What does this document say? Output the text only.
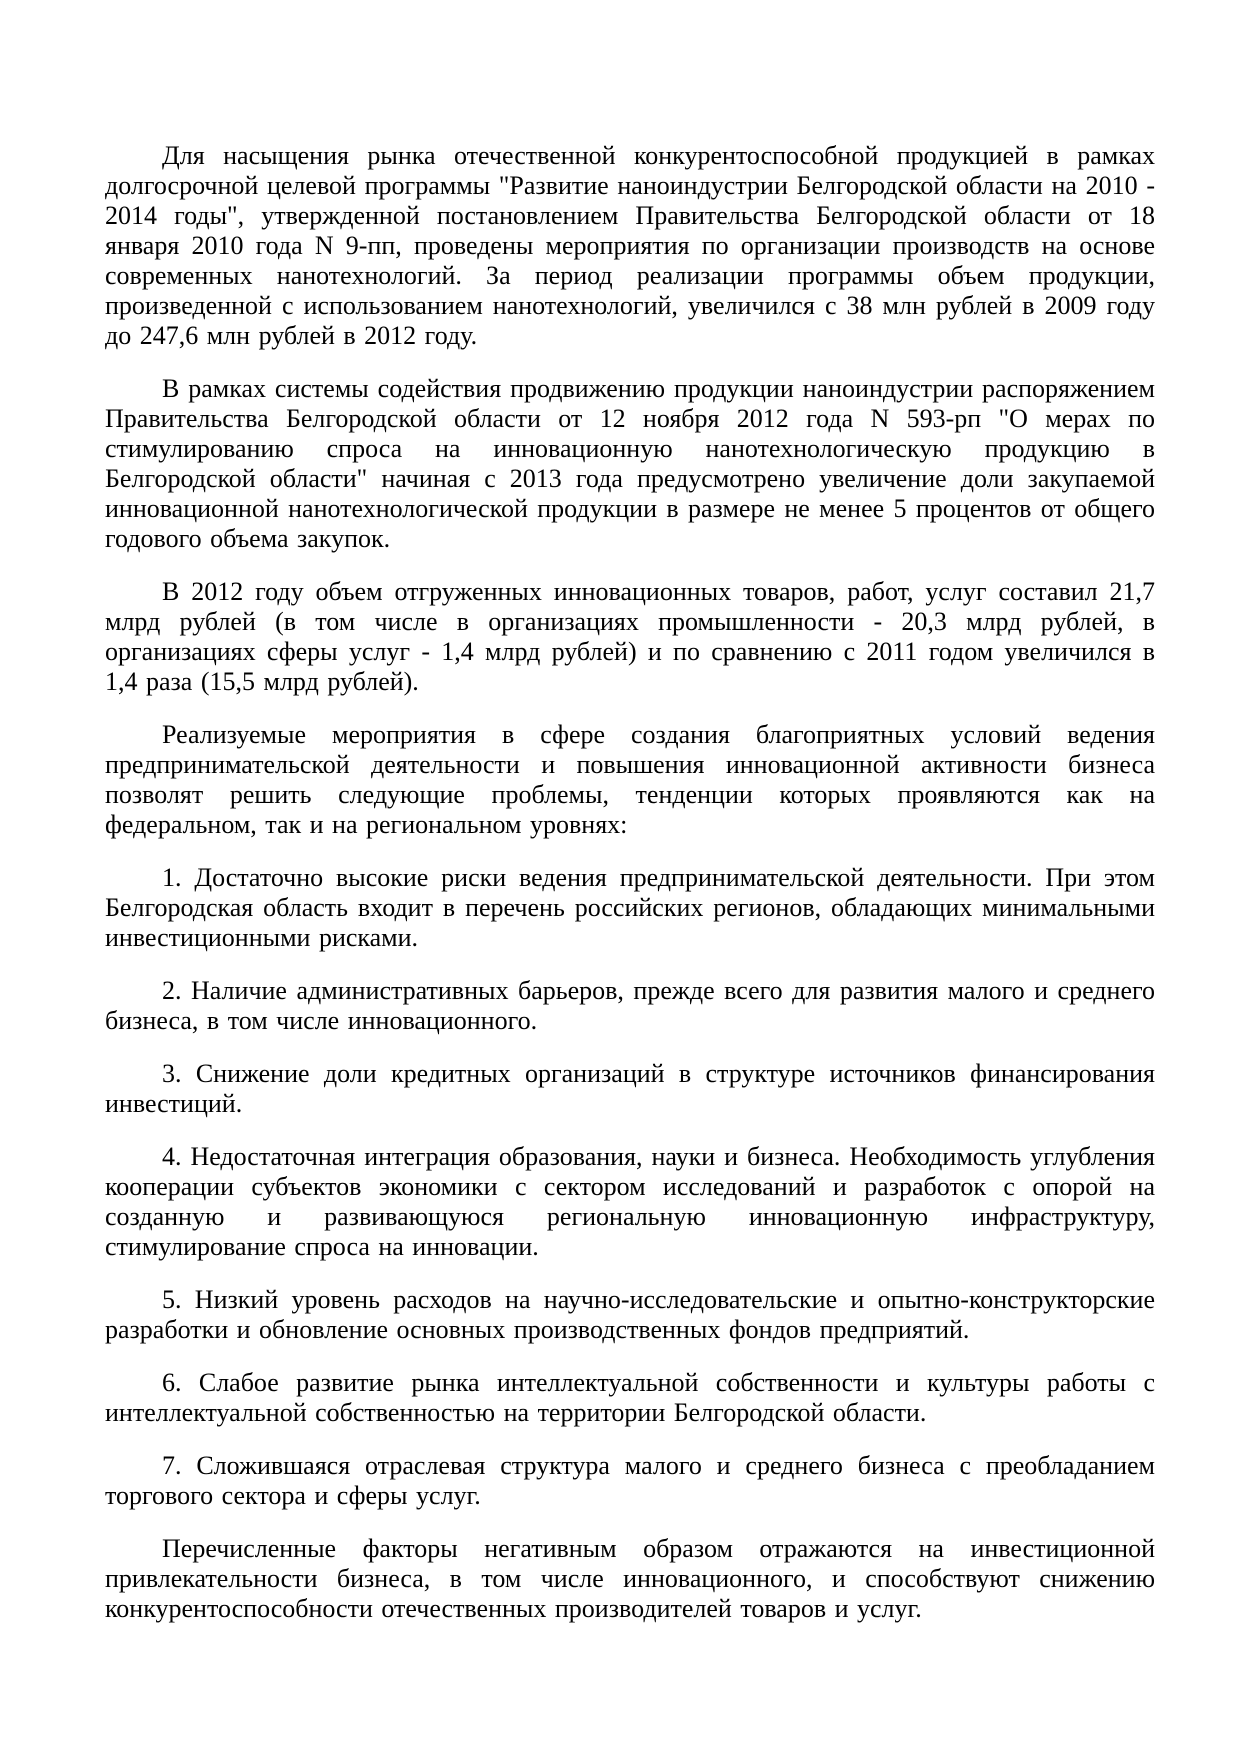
Для насыщения рынка отечественной конкурентоспособной продукцией в рамках долгосрочной целевой программы "Развитие наноиндустрии Белгородской области на 2010 - 2014 годы", утвержденной постановлением Правительства Белгородской области от 18 января 2010 года N 9-пп, проведены мероприятия по организации производств на основе современных нанотехнологий. За период реализации программы объем продукции, произведенной с использованием нанотехнологий, увеличился с 38 млн рублей в 2009 году до 247,6 млн рублей в 2012 году.

В рамках системы содействия продвижению продукции наноиндустрии распоряжением Правительства Белгородской области от 12 ноября 2012 года N 593-рп "О мерах по стимулированию спроса на инновационную нанотехнологическую продукцию в Белгородской области" начиная с 2013 года предусмотрено увеличение доли закупаемой инновационной нанотехнологической продукции в размере не менее 5 процентов от общего годового объема закупок.

В 2012 году объем отгруженных инновационных товаров, работ, услуг составил 21,7 млрд рублей (в том числе в организациях промышленности - 20,3 млрд рублей, в организациях сферы услуг - 1,4 млрд рублей) и по сравнению с 2011 годом увеличился в 1,4 раза (15,5 млрд рублей).

Реализуемые мероприятия в сфере создания благоприятных условий ведения предпринимательской деятельности и повышения инновационной активности бизнеса позволят решить следующие проблемы, тенденции которых проявляются как на федеральном, так и на региональном уровнях:

1. Достаточно высокие риски ведения предпринимательской деятельности. При этом Белгородская область входит в перечень российских регионов, обладающих минимальными инвестиционными рисками.

2. Наличие административных барьеров, прежде всего для развития малого и среднего бизнеса, в том числе инновационного.

3. Снижение доли кредитных организаций в структуре источников финансирования инвестиций.

4. Недостаточная интеграция образования, науки и бизнеса. Необходимость углубления кооперации субъектов экономики с сектором исследований и разработок с опорой на созданную и развивающуюся региональную инновационную инфраструктуру, стимулирование спроса на инновации.

5. Низкий уровень расходов на научно-исследовательские и опытно-конструкторские разработки и обновление основных производственных фондов предприятий.

6. Слабое развитие рынка интеллектуальной собственности и культуры работы с интеллектуальной собственностью на территории Белгородской области.

7. Сложившаяся отраслевая структура малого и среднего бизнеса с преобладанием торгового сектора и сферы услуг.

Перечисленные факторы негативным образом отражаются на инвестиционной привлекательности бизнеса, в том числе инновационного, и способствуют снижению конкурентоспособности отечественных производителей товаров и услуг.
